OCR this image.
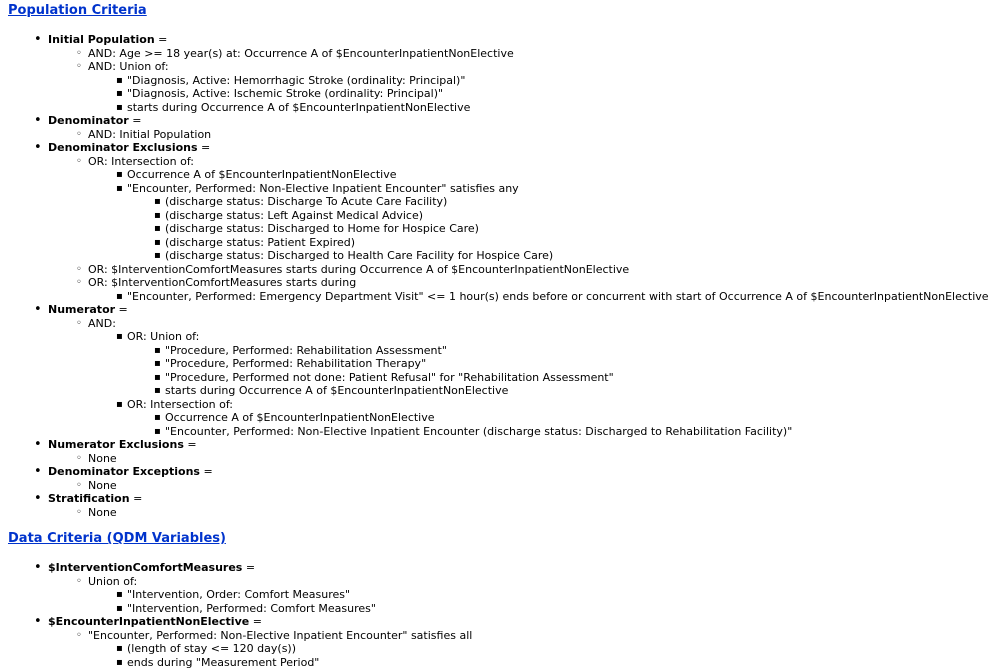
Population Criteria
• Initial Population =
◦ AND: Age >= 18 year(s) at: Occurrence A of $EncounterInpatientNonElective
◦ AND: Union of:
▪ "Diagnosis, Active: Hemorrhagic Stroke (ordinality: Principal)"
▪ "Diagnosis, Active: Ischemic Stroke (ordinality: Principal)"
▪ starts during Occurrence A of $EncounterInpatientNonElective
• Denominator =
◦ AND: Initial Population
• Denominator Exclusions =
◦ OR: Intersection of:
▪ Occurrence A of $EncounterInpatientNonElective
▪ "Encounter, Performed: Non-Elective Inpatient Encounter" satisfies any
▪ (discharge status: Discharge To Acute Care Facility)
▪ (discharge status: Left Against Medical Advice)
▪ (discharge status: Discharged to Home for Hospice Care)
▪ (discharge status: Patient Expired)
▪ (discharge status: Discharged to Health Care Facility for Hospice Care)
◦ OR: $InterventionComfortMeasures starts during Occurrence A of $EncounterInpatientNonElective
◦ OR: $InterventionComfortMeasures starts during
▪ "Encounter, Performed: Emergency Department Visit" <= 1 hour(s) ends before or concurrent with start of Occurrence A of $EncounterInpatientNonElective
• Numerator =
◦ AND:
▪ OR: Union of:
▪ "Procedure, Performed: Rehabilitation Assessment"
▪ "Procedure, Performed: Rehabilitation Therapy"
▪ "Procedure, Performed not done: Patient Refusal" for "Rehabilitation Assessment"
▪ starts during Occurrence A of $EncounterInpatientNonElective
▪ OR: Intersection of:
▪ Occurrence A of $EncounterInpatientNonElective
▪ "Encounter, Performed: Non-Elective Inpatient Encounter (discharge status: Discharged to Rehabilitation Facility)"
• Numerator Exclusions =
◦ None
• Denominator Exceptions =
◦ None
• Stratification =
◦ None
Data Criteria (QDM Variables)
• $InterventionComfortMeasures =
◦ Union of:
▪ "Intervention, Order: Comfort Measures"
▪ "Intervention, Performed: Comfort Measures"
• $EncounterInpatientNonElective =
◦ "Encounter, Performed: Non-Elective Inpatient Encounter" satisfies all
▪ (length of stay <= 120 day(s))
▪ ends during "Measurement Period"
